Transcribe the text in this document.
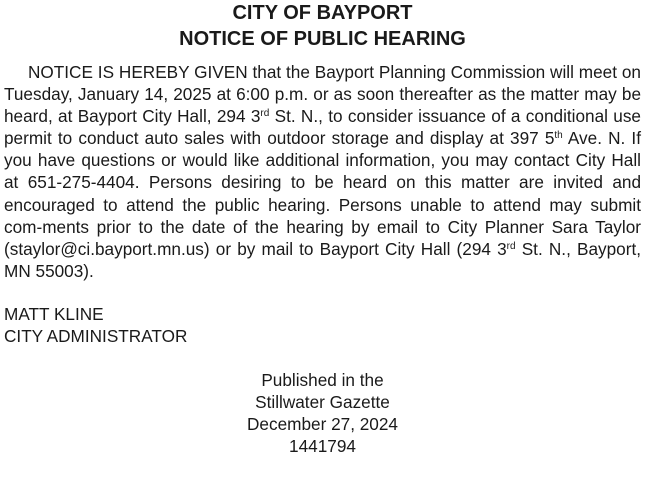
CITY OF BAYPORT
NOTICE OF PUBLIC HEARING

NOTICE IS HEREBY GIVEN that the Bayport Planning Commission will meet on Tuesday, January 14, 2025 at 6:00 p.m. or as soon thereafter as the matter may be heard, at Bayport City Hall, 294 3rd St. N., to consider issuance of a conditional use permit to conduct auto sales with outdoor storage and display at 397 5th Ave. N. If you have questions or would like additional information, you may contact City Hall at 651-275-4404. Persons desiring to be heard on this matter are invited and encouraged to attend the public hearing. Persons unable to attend may submit com-ments prior to the date of the hearing by email to City Planner Sara Taylor (staylor@ci.bayport.mn.us) or by mail to Bayport City Hall (294 3rd St. N., Bayport, MN 55003).

MATT KLINE
CITY ADMINISTRATOR
Published in the
Stillwater Gazette
December 27, 2024
1441794
